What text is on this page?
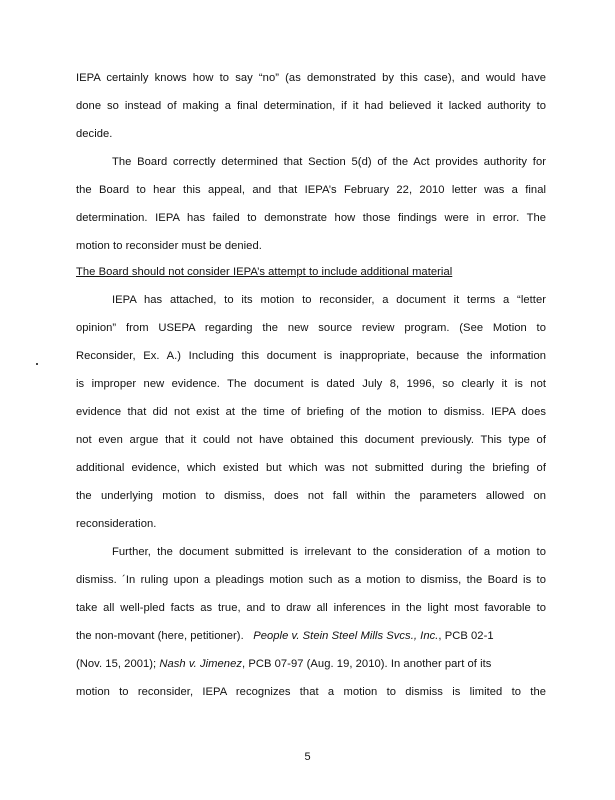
IEPA certainly knows how to say “no” (as demonstrated by this case), and would have
done so instead of making a final determination, if it had believed it lacked authority to
decide.
The Board correctly determined that Section 5(d) of the Act provides authority for
the Board to hear this appeal, and that IEPA’s February 22, 2010 letter was a final
determination. IEPA has failed to demonstrate how those findings were in error. The
motion to reconsider must be denied.
The Board should not consider IEPA’s attempt to include additional material
IEPA has attached, to its motion to reconsider, a document it terms a “letter
opinion” from USEPA regarding the new source review program. (See Motion to
Reconsider, Ex. A.) Including this document is inappropriate, because the information
is improper new evidence. The document is dated July 8, 1996, so clearly it is not
evidence that did not exist at the time of briefing of the motion to dismiss. IEPA does
not even argue that it could not have obtained this document previously. This type of
additional evidence, which existed but which was not submitted during the briefing of
the underlying motion to dismiss, does not fall within the parameters allowed on
reconsideration.
Further, the document submitted is irrelevant to the consideration of a motion to
dismiss. ´In ruling upon a pleadings motion such as a motion to dismiss, the Board is to
take all well-pled facts as true, and to draw all inferences in the light most favorable to
the non-movant (here, petitioner). People v. Stein Steel Mills Svcs., Inc., PCB 02-1
(Nov. 15, 2001); Nash v. Jimenez, PCB 07-97 (Aug. 19, 2010). In another part of its
motion to reconsider, IEPA recognizes that a motion to dismiss is limited to the
5
